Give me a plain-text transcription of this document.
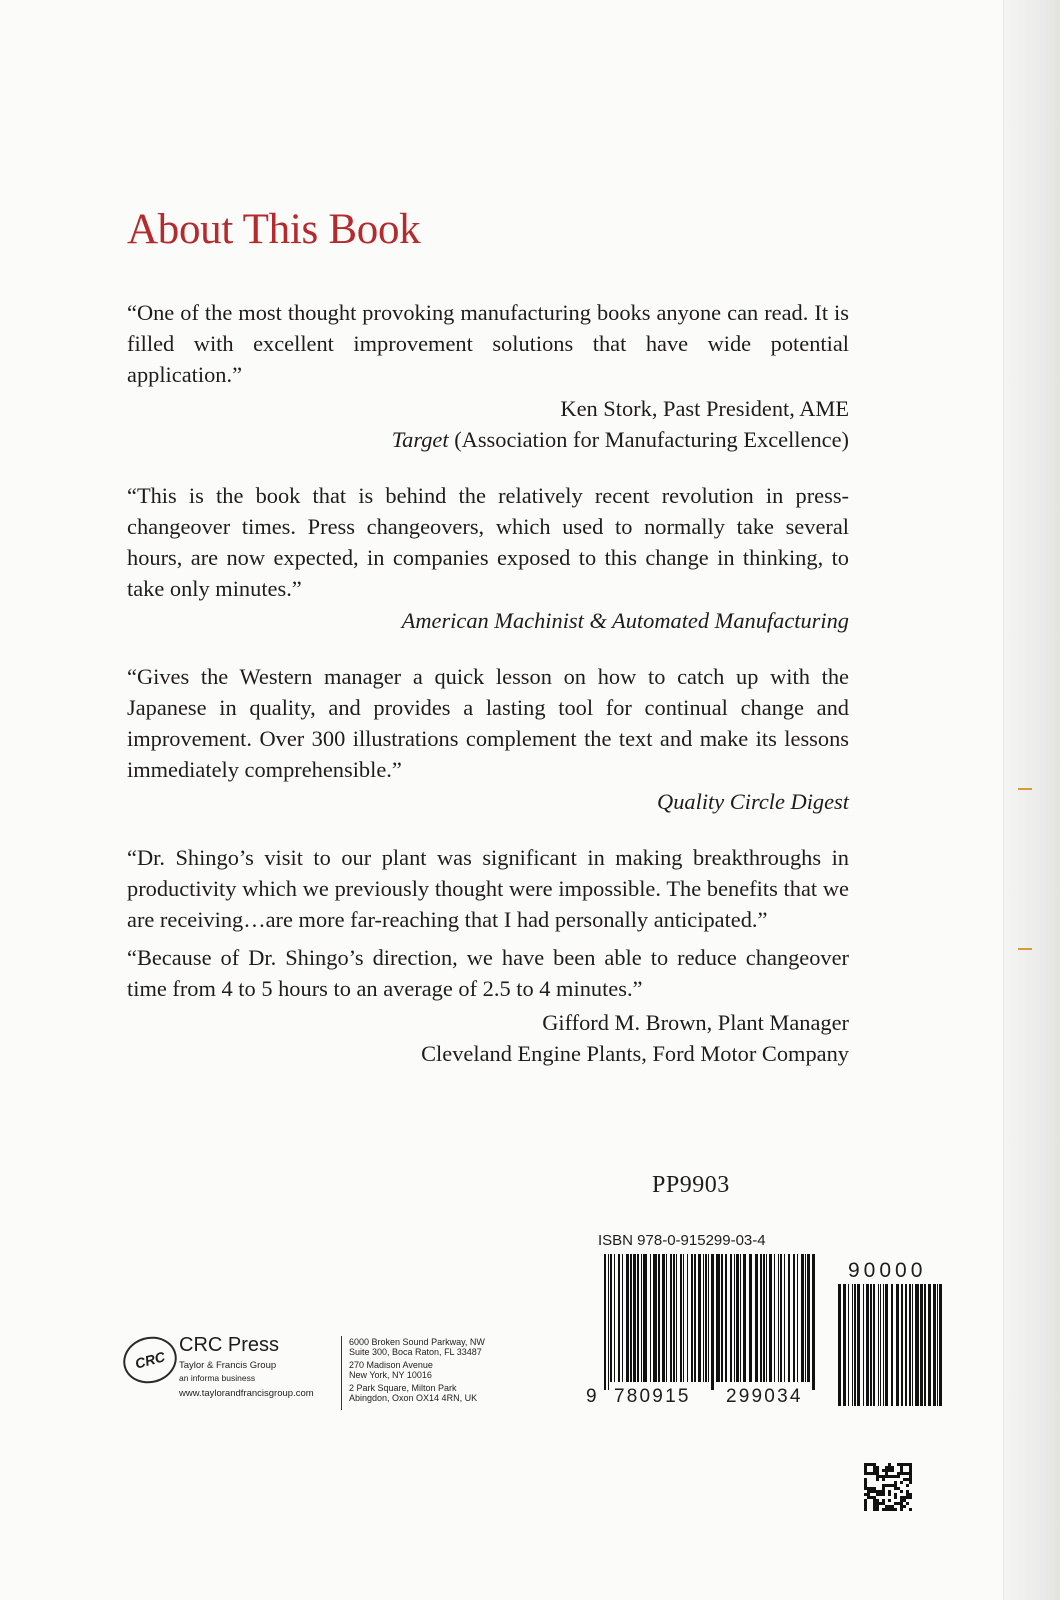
About This Book

“One of the most thought provoking manufacturing books anyone can read. It is filled with excellent improvement solutions that have wide potential application.”

Ken Stork, Past President, AME

Target (Association for Manufacturing Excellence)

“This is the book that is behind the relatively recent revolution in press-changeover times. Press changeovers, which used to normally take several hours, are now expected, in companies exposed to this change in thinking, to take only minutes.”

American Machinist & Automated Manufacturing

“Gives the Western manager a quick lesson on how to catch up with the Japanese in quality, and provides a lasting tool for continual change and improvement. Over 300 illustrations complement the text and make its lessons immediately comprehensible.”

Quality Circle Digest

“Dr. Shingo’s visit to our plant was significant in making breakthroughs in productivity which we previously thought were impossible. The benefits that we are receiving…are more far-reaching that I had personally anticipated.”

“Because of Dr. Shingo’s direction, we have been able to reduce changeover time from 4 to 5 hours to an average of 2.5 to 4 minutes.”

Gifford M. Brown, Plant Manager

Cleveland Engine Plants, Ford Motor Company

PP9903
ISBN 978-0-915299-03-4
9 780915 299034
90000
CRC
CRC Press
Taylor & Francis Group
an informa business
www.taylorandfrancisgroup.com
6000 Broken Sound Parkway, NW
Suite 300, Boca Raton, FL 33487
270 Madison Avenue
New York, NY 10016
2 Park Square, Milton Park
Abingdon, Oxon OX14 4RN, UK
